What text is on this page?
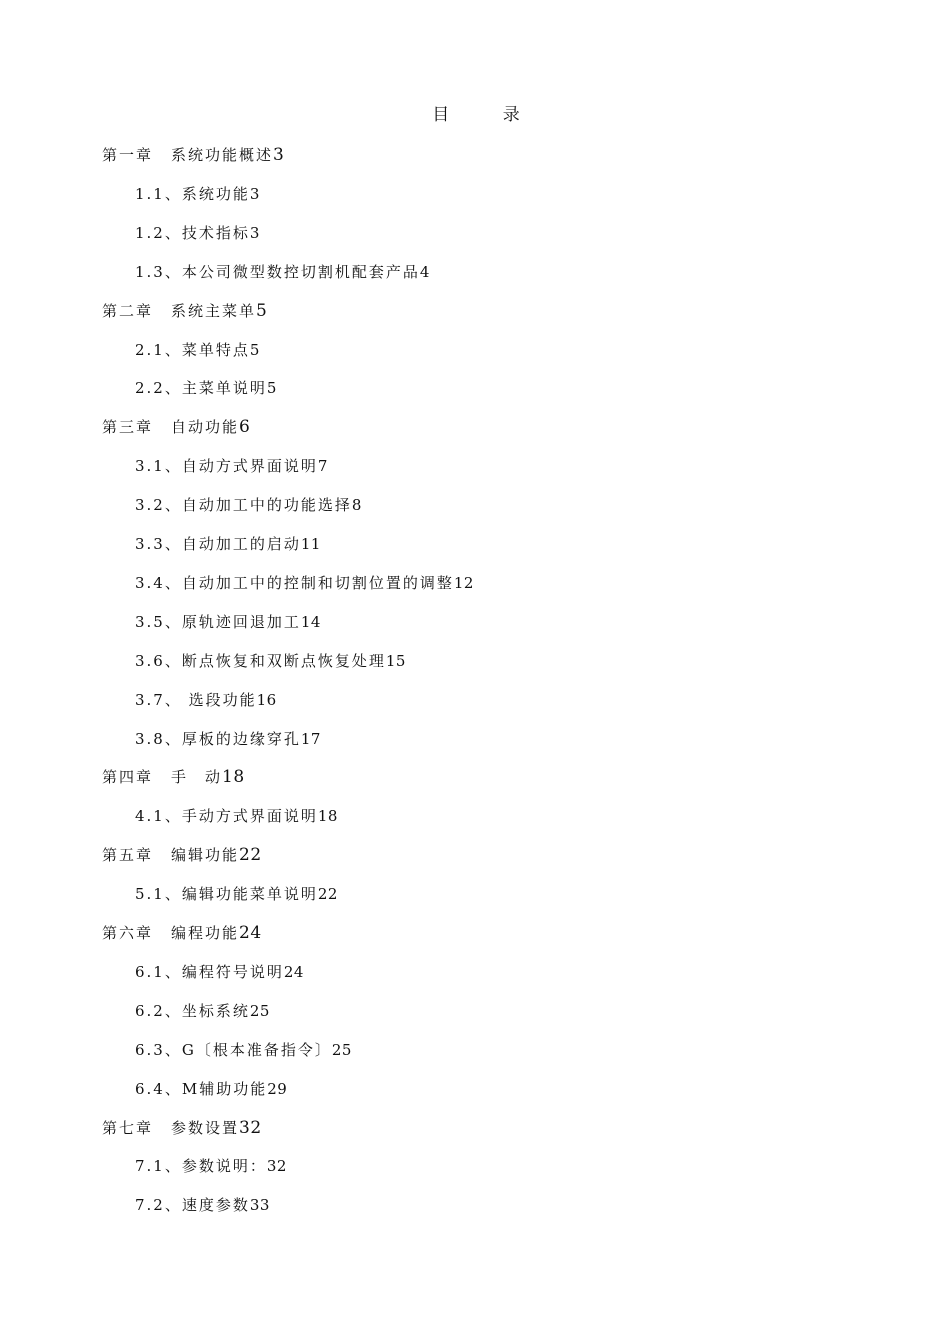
目 录
第一章 系统功能概述3
1.1、系统功能3
1.2、技术指标3
1.3、本公司微型数控切割机配套产品4
第二章 系统主菜单5
2.1、菜单特点5
2.2、主菜单说明5
第三章 自动功能6
3.1、自动方式界面说明7
3.2、自动加工中的功能选择8
3.3、自动加工的启动11
3.4、自动加工中的控制和切割位置的调整12
3.5、原轨迹回退加工14
3.6、断点恢复和双断点恢复处理15
3.7、 选段功能16
3.8、厚板的边缘穿孔17
第四章 手　动18
4.1、手动方式界面说明18
第五章 编辑功能22
5.1、编辑功能菜单说明22
第六章 编程功能24
6.1、编程符号说明24
6.2、坐标系统25
6.3、G〔根本准备指令〕25
6.4、M辅助功能29
第七章 参数设置32
7.1、参数说明：32
7.2、速度参数33
